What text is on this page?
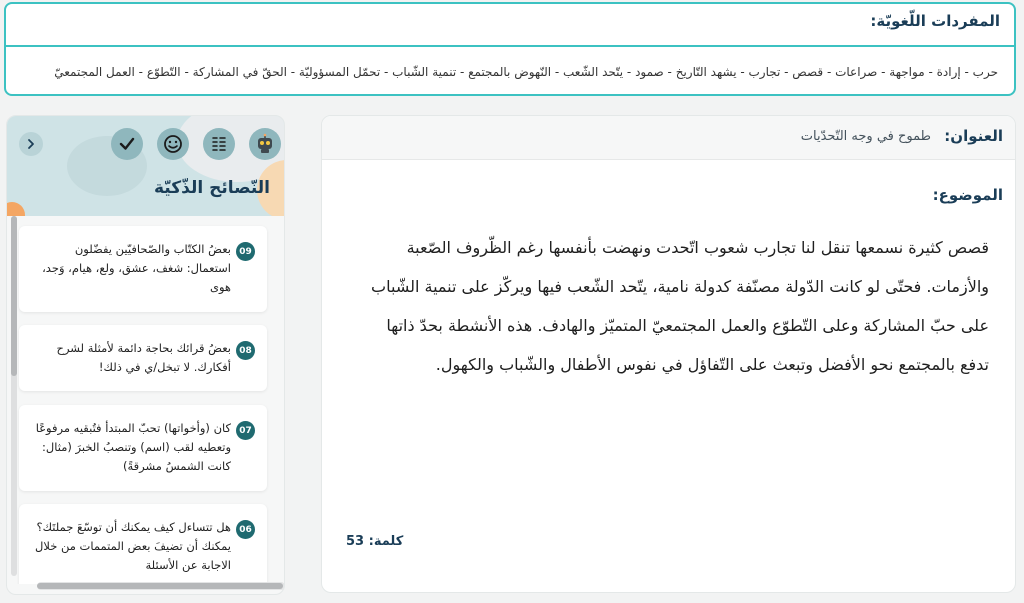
المفردات اللّغويّة:
حرب - إرادة - مواجهة - صراعات - قصص - تجارب - يشهد التّاريخ - صمود - يتّحد الشّعب - النّهوض بالمجتمع - تنمية الشّباب - تحمّل المسؤوليّة - الحقّ في المشاركة - التّطوّع - العمل المجتمعيّ
النّصائح الذّكيّة
09
بعضُ الكتّاب والصّحافيّين يفضّلون استعمال: شغف، عشق، ولع، هيام، وَجد، هوى
08
بعضُ قرائك بحاجة دائمة لأمثلة لشرح أفكارك. لا تبخل/ي في ذلك!
07
كان (وأخواتها) تحبّ المبتدأ فتُبقيه مرفوعًا وتعطيه لقب (اسم) وتنصبُ الخبرَ (مثال: كانت الشمسُ مشرقةً)
06
هل تتساءل كيف يمكنك أن توسّعَ جملتَك؟ يمكنك أن تضيفَ بعض المتممات من خلال الاجابة عن الأسئلة
العنوان:
طموح في وجه التّحدّيات
الموضوع:
قصص كثيرة نسمعها تنقل لنا تجارب شعوب اتّحدت ونهضت بأنفسها رغم الظّروف الصّعبة والأزمات. فحتّى لو كانت الدّولة مصنّفة كدولة نامية، يتّحد الشّعب فيها ويركّز على تنمية الشّباب على حبّ المشاركة وعلى التّطوّع والعمل المجتمعيّ المتميّز والهادف. هذه الأنشطة بحدّ ذاتها تدفع بالمجتمع نحو الأفضل وتبعث على التّفاؤل في نفوس الأطفال والشّباب والكهول.
كلمة: 53
